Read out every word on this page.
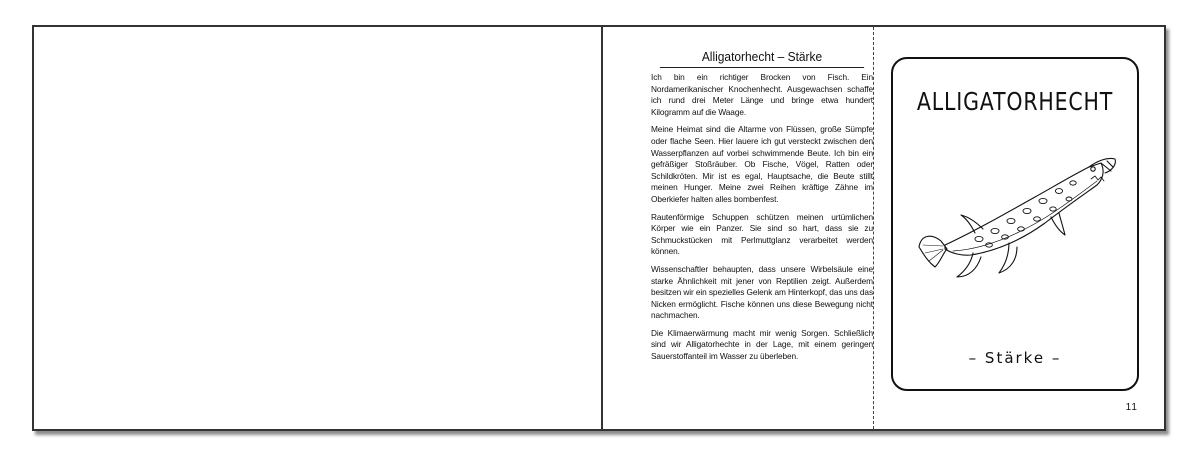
Alligatorhecht – Stärke

Ich bin ein richtiger Brocken von Fisch. Ein Nordamerikanischer Knochenhecht. Ausgewachsen schaffe ich rund drei Meter Länge und bringe etwa hundert Kilogramm auf die Waage.

Meine Heimat sind die Altarme von Flüssen, große Sümpfe oder flache Seen. Hier lauere ich gut versteckt zwischen den Wasserpflanzen auf vorbei schwimmende Beute. Ich bin ein gefräßiger Stoßräuber. Ob Fische, Vögel, Ratten oder Schildkröten. Mir ist es egal, Hauptsache, die Beute stillt meinen Hunger. Meine zwei Reihen kräftige Zähne im Oberkiefer halten alles bombenfest.

Rautenförmige Schuppen schützen meinen urtümlichen Körper wie ein Panzer. Sie sind so hart, dass sie zu Schmuckstücken mit Perlmuttglanz verarbeitet werden können.

Wissenschaftler behaupten, dass unsere Wirbelsäule eine starke Ähnlichkeit mit jener von Reptilien zeigt. Außerdem besitzen wir ein spezielles Gelenk am Hinterkopf, das uns das Nicken ermöglicht. Fische können uns diese Bewegung nicht nachmachen.

Die Klimaerwärmung macht mir wenig Sorgen. Schließlich sind wir Alligatorhechte in der Lage, mit einem geringen Sauerstoffanteil im Wasser zu überleben.

ALLIGATORHECHT
– Stärke –
11
